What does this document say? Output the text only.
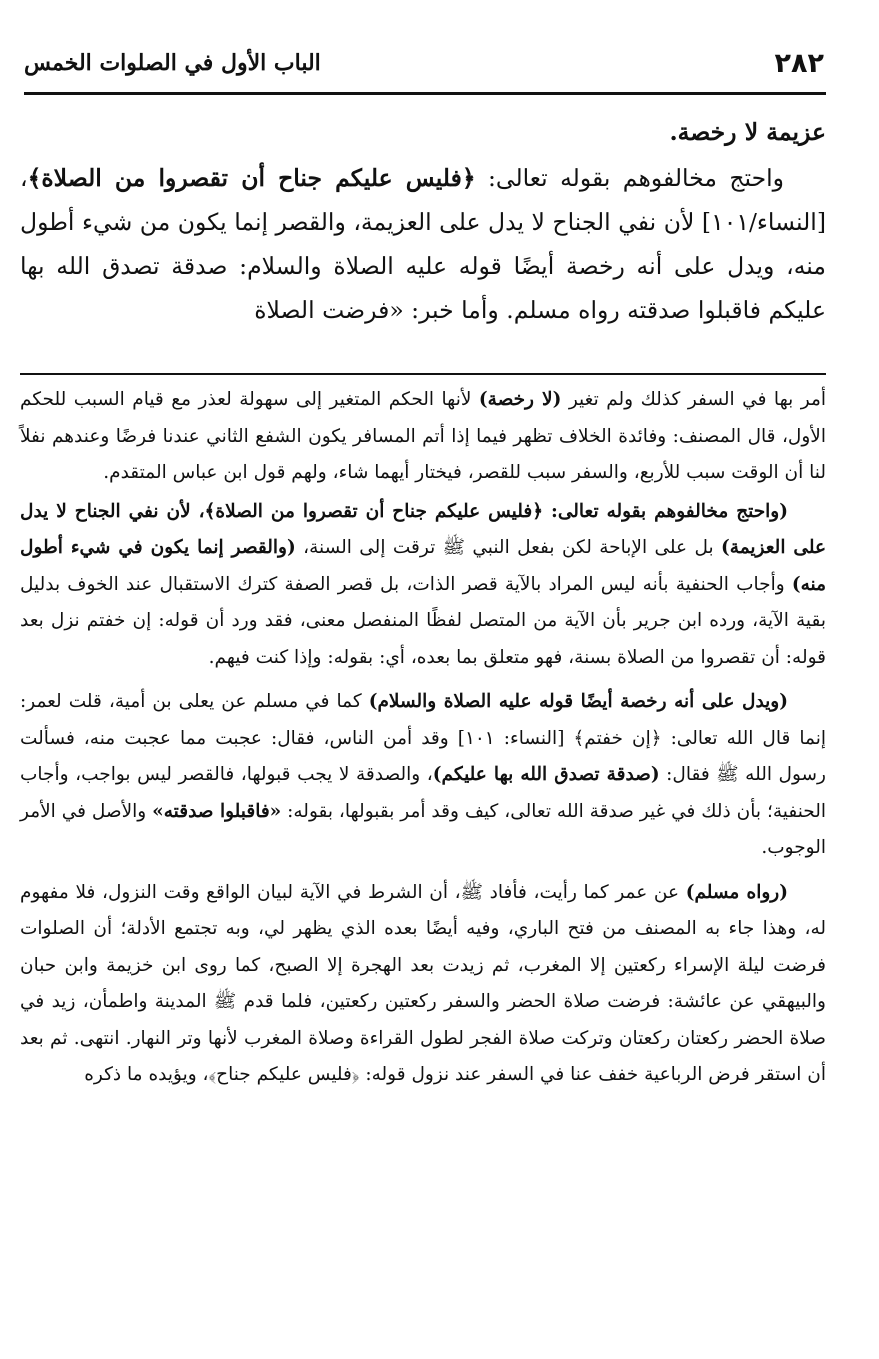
٢٨٢
الباب الأول في الصلوات الخمس

عزيمة لا رخصة.

واحتج مخالفوهم بقوله تعالى: ﴿فليس عليكم جناح أن تقصروا من الصلاة﴾، [النساء/١٠١] لأن نفي الجناح لا يدل على العزيمة، والقصر إنما يكون من شيء أطول منه، ويدل على أنه رخصة أيضًا قوله عليه الصلاة والسلام: صدقة تصدق الله بها عليكم فاقبلوا صدقته رواه مسلم. وأما خبر: «فرضت الصلاة

أمر بها في السفر كذلك ولم تغير (لا رخصة) لأنها الحكم المتغير إلى سهولة لعذر مع قيام السبب للحكم الأول، قال المصنف: وفائدة الخلاف تظهر فيما إذا أتم المسافر يكون الشفع الثاني عندنا فرضًا وعندهم نفلاً لنا أن الوقت سبب للأربع، والسفر سبب للقصر، فيختار أيهما شاء، ولهم قول ابن عباس المتقدم.

(واحتج مخالفوهم بقوله تعالى: ﴿فليس عليكم جناح أن تقصروا من الصلاة﴾، لأن نفي الجناح لا يدل على العزيمة) بل على الإباحة لكن بفعل النبي ﷺ ترقت إلى السنة، (والقصر إنما يكون في شيء أطول منه) وأجاب الحنفية بأنه ليس المراد بالآية قصر الذات، بل قصر الصفة كترك الاستقبال عند الخوف بدليل بقية الآية، ورده ابن جرير بأن الآية من المتصل لفظًا المنفصل معنى، فقد ورد أن قوله: إن خفتم نزل بعد قوله: أن تقصروا من الصلاة بسنة، فهو متعلق بما بعده، أي: بقوله: وإذا كنت فيهم.

(ويدل على أنه رخصة أيضًا قوله عليه الصلاة والسلام) كما في مسلم عن يعلى بن أمية، قلت لعمر: إنما قال الله تعالى: ﴿إن خفتم﴾ [النساء: ١٠١] وقد أمن الناس، فقال: عجبت مما عجبت منه، فسألت رسول الله ﷺ فقال: (صدقة تصدق الله بها عليكم)، والصدقة لا يجب قبولها، فالقصر ليس بواجب، وأجاب الحنفية؛ بأن ذلك في غير صدقة الله تعالى، كيف وقد أمر بقبولها، بقوله: «فاقبلوا صدقته» والأصل في الأمر الوجوب.

(رواه مسلم) عن عمر كما رأيت، فأفاد ﷺ، أن الشرط في الآية لبيان الواقع وقت النزول، فلا مفهوم له، وهذا جاء به المصنف من فتح الباري، وفيه أيضًا بعده الذي يظهر لي، وبه تجتمع الأدلة؛ أن الصلوات فرضت ليلة الإسراء ركعتين إلا المغرب، ثم زيدت بعد الهجرة إلا الصبح، كما روى ابن خزيمة وابن حبان والبيهقي عن عائشة: فرضت صلاة الحضر والسفر ركعتين ركعتين، فلما قدم ﷺ المدينة واطمأن، زيد في صلاة الحضر ركعتان ركعتان وتركت صلاة الفجر لطول القراءة وصلاة المغرب لأنها وتر النهار. انتهى. ثم بعد أن استقر فرض الرباعية خفف عنا في السفر عند نزول قوله: ﴿فليس عليكم جناح﴾، ويؤيده ما ذكره
